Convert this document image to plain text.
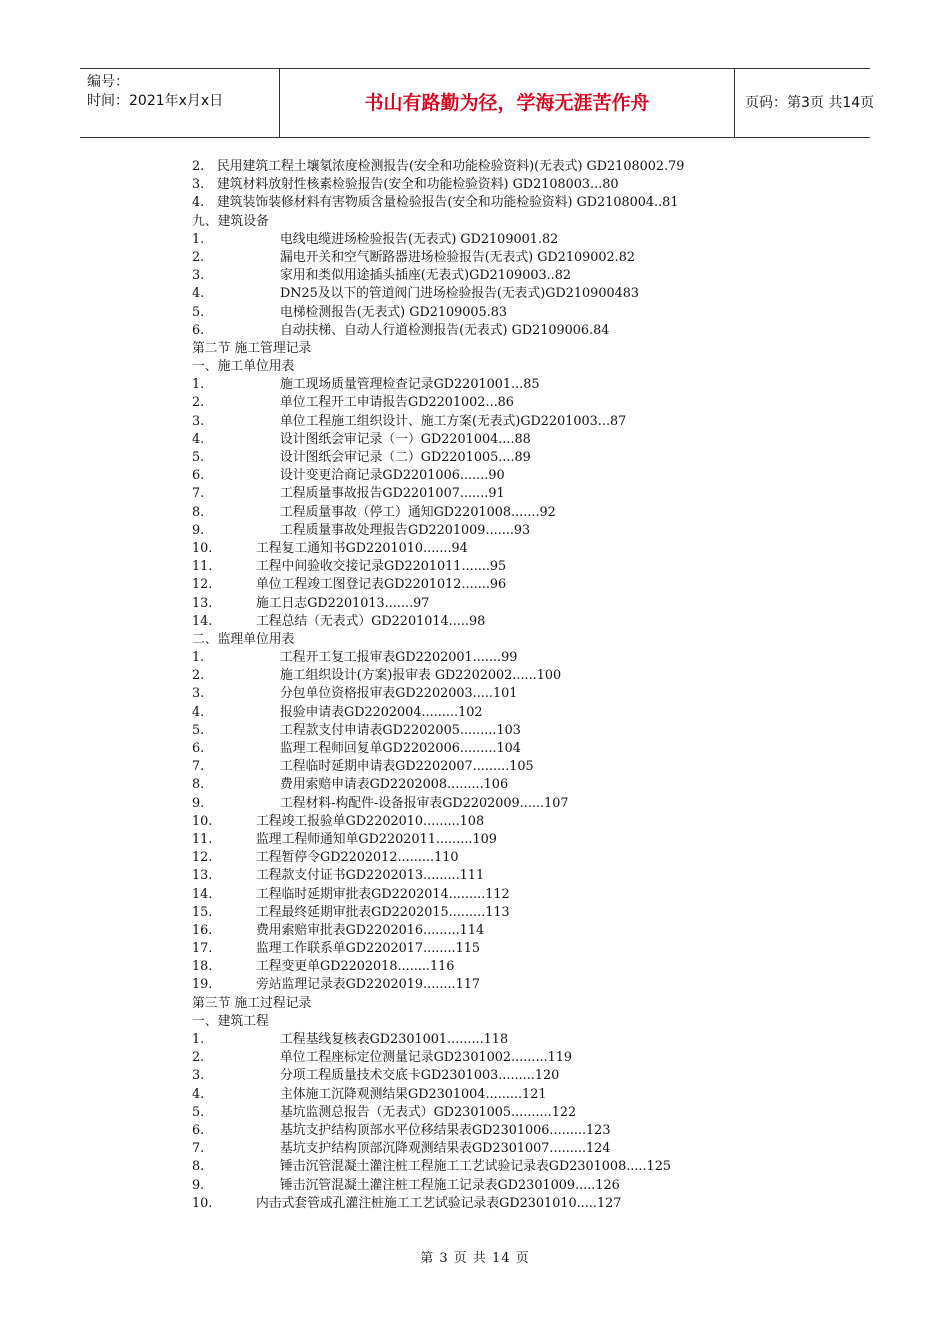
编号：
时间：2021年x月x日	书山有路勤为径，学海无涯苦作舟	页码：第3页 共14页
2. 民用建筑工程土壤氡浓度检测报告(安全和功能检验资料)(无表式) GD2108002.79
3. 建筑材料放射性核素检验报告(安全和功能检验资料) GD2108003...80
4. 建筑装饰装修材料有害物质含量检验报告(安全和功能检验资料) GD2108004..81
九、建筑设备
1.	电线电缆进场检验报告(无表式) GD2109001.82
2.	漏电开关和空气断路器进场检验报告(无表式) GD2109002.82
3.	家用和类似用途插头插座(无表式)GD2109003..82
4.	DN25及以下的管道阀门进场检验报告(无表式)GD210900483
5.	电梯检测报告(无表式) GD2109005.83
6.	自动扶梯、自动人行道检测报告(无表式) GD2109006.84
第二节 施工管理记录
一、施工单位用表
1.	施工现场质量管理检查记录GD2201001...85
2.	单位工程开工申请报告GD2201002...86
3.	单位工程施工组织设计、施工方案(无表式)GD2201003...87
4.	设计图纸会审记录（一）GD2201004....88
5.	设计图纸会审记录（二）GD2201005....89
6.	设计变更洽商记录GD2201006.......90
7.	工程质量事故报告GD2201007.......91
8.	工程质量事故（停工）通知GD2201008.......92
9.	工程质量事故处理报告GD2201009.......93
10.	工程复工通知书GD2201010.......94
11.	工程中间验收交接记录GD2201011.......95
12.	单位工程竣工图登记表GD2201012.......96
13.	施工日志GD2201013.......97
14.	工程总结（无表式）GD2201014.....98
二、监理单位用表
1.	工程开工复工报审表GD2202001.......99
2.	施工组织设计(方案)报审表 GD2202002......100
3.	分包单位资格报审表GD2202003.....101
4.	报验申请表GD2202004.........102
5.	工程款支付申请表GD2202005.........103
6.	监理工程师回复单GD2202006.........104
7.	工程临时延期申请表GD2202007.........105
8.	费用索赔申请表GD2202008.........106
9.	工程材料-构配件-设备报审表GD2202009......107
10.	工程竣工报验单GD2202010.........108
11.	监理工程师通知单GD2202011.........109
12.	工程暂停令GD2202012.........110
13.	工程款支付证书GD2202013.........111
14.	工程临时延期审批表GD2202014.........112
15.	工程最终延期审批表GD2202015.........113
16.	费用索赔审批表GD2202016.........114
17.	监理工作联系单GD2202017........115
18.	工程变更单GD2202018........116
19.	旁站监理记录表GD2202019........117
第三节 施工过程记录
一、建筑工程
1.	工程基线复核表GD2301001.........118
2.	单位工程座标定位测量记录GD2301002.........119
3.	分项工程质量技术交底卡GD2301003.........120
4.	主体施工沉降观测结果GD2301004.........121
5.	基坑监测总报告（无表式）GD2301005..........122
6.	基坑支护结构顶部水平位移结果表GD2301006.........123
7.	基坑支护结构顶部沉降观测结果表GD2301007.........124
8.	锤击沉管混凝土灌注桩工程施工工艺试验记录表GD2301008.....125
9.	锤击沉管混凝土灌注桩工程施工记录表GD2301009.....126
10.	内击式套管成孔灌注桩施工工艺试验记录表GD2301010.....127
第 3 页 共 14 页
